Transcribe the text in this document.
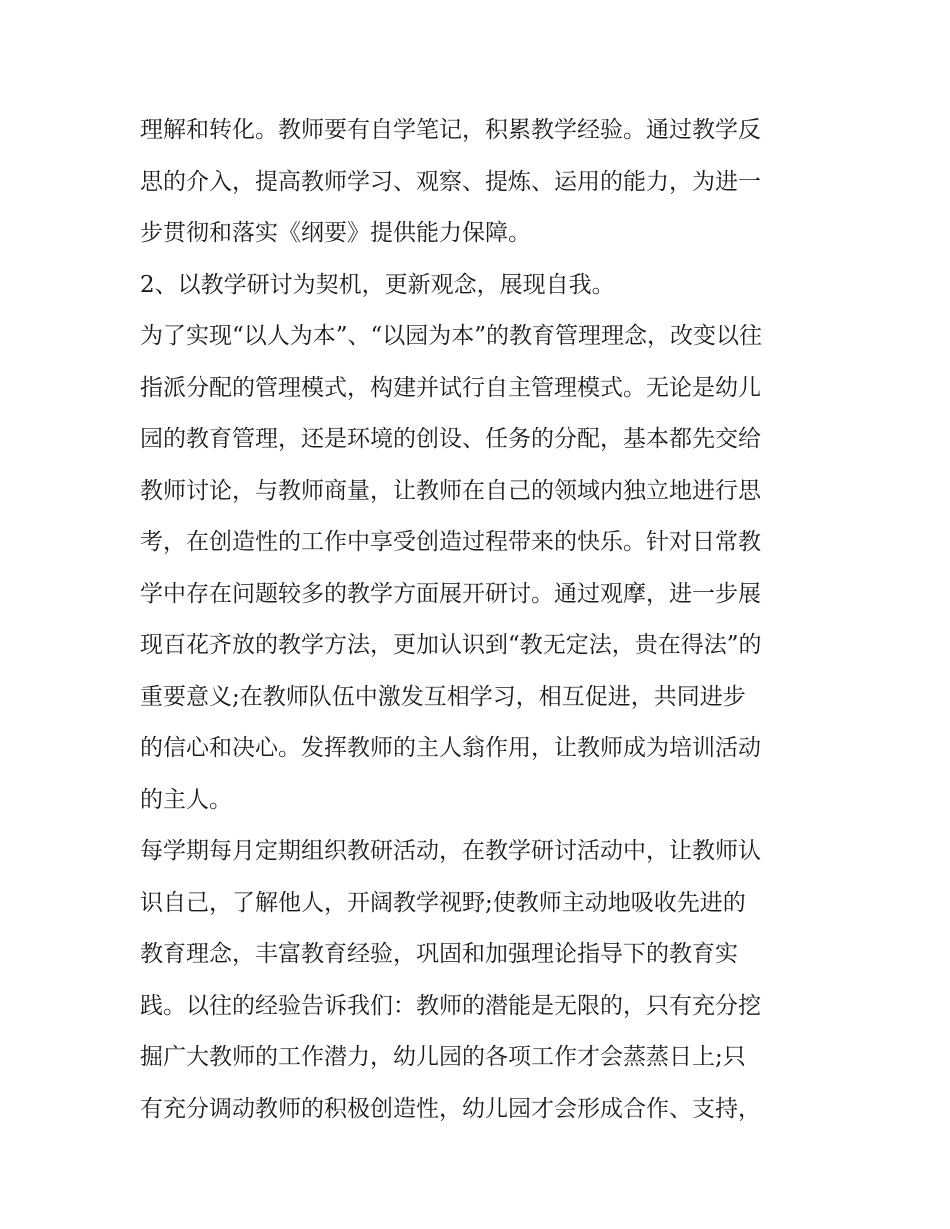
理解和转化。教师要有自学笔记，积累教学经验。通过教学反
思的介入，提高教师学习、观察、提炼、运用的能力，为进一
步贯彻和落实《纲要》提供能力保障。
2、以教学研讨为契机，更新观念，展现自我。
为了实现“以人为本”、“以园为本”的教育管理理念，改变以往
指派分配的管理模式，构建并试行自主管理模式。无论是幼儿
园的教育管理，还是环境的创设、任务的分配，基本都先交给
教师讨论，与教师商量，让教师在自己的领域内独立地进行思
考，在创造性的工作中享受创造过程带来的快乐。针对日常教
学中存在问题较多的教学方面展开研讨。通过观摩，进一步展
现百花齐放的教学方法，更加认识到“教无定法，贵在得法”的
重要意义;在教师队伍中激发互相学习，相互促进，共同进步
的信心和决心。发挥教师的主人翁作用，让教师成为培训活动
的主人。
每学期每月定期组织教研活动，在教学研讨活动中，让教师认
识自己，了解他人，开阔教学视野;使教师主动地吸收先进的
教育理念，丰富教育经验，巩固和加强理论指导下的教育实
践。以往的经验告诉我们：教师的潜能是无限的，只有充分挖
掘广大教师的工作潜力，幼儿园的各项工作才会蒸蒸日上;只
有充分调动教师的积极创造性，幼儿园才会形成合作、支持，
